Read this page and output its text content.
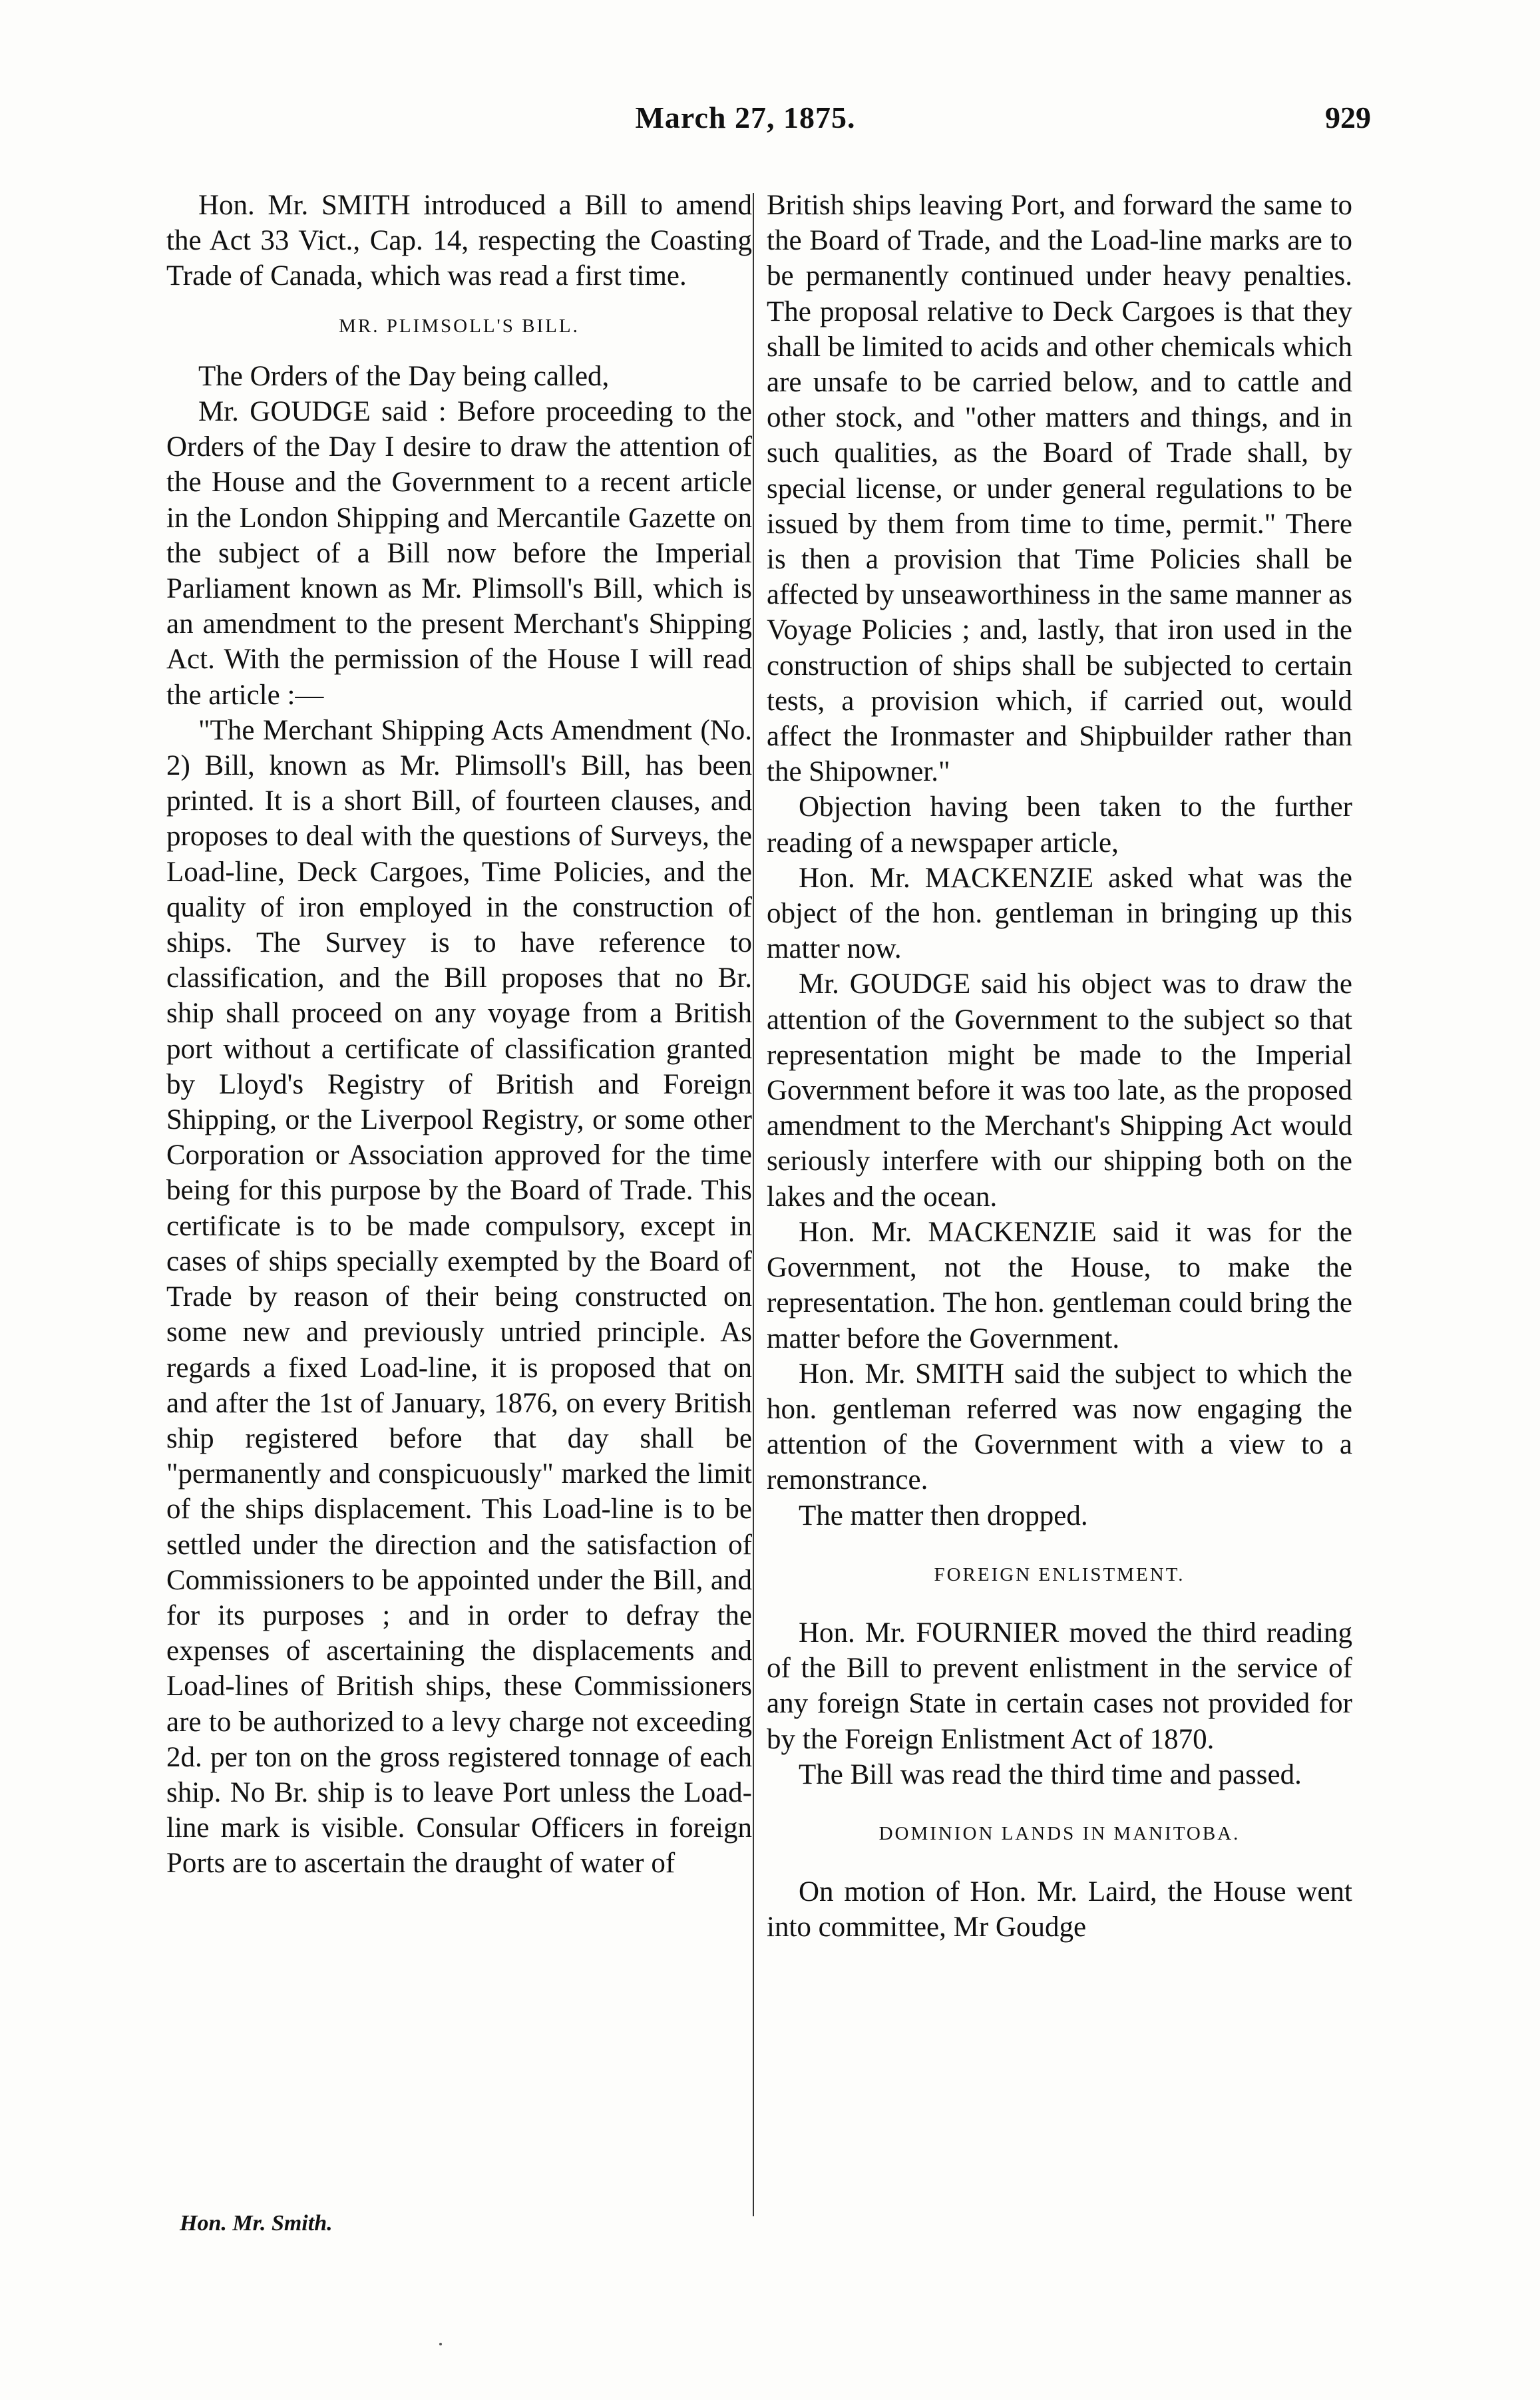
March 27, 1875.	929

Hon. Mr. SMITH introduced a Bill to amend the Act 33 Vict., Cap. 14, respecting the Coasting Trade of Canada, which was read a first time.

MR. PLIMSOLL'S BILL.

The Orders of the Day being called,

Mr. GOUDGE said : Before proceeding to the Orders of the Day I desire to draw the attention of the House and the Government to a recent article in the London Shipping and Mercantile Gazette on the subject of a Bill now before the Imperial Parliament known as Mr. Plimsoll's Bill, which is an amendment to the present Merchant's Shipping Act. With the permission of the House I will read the article :—

"The Merchant Shipping Acts Amendment (No. 2) Bill, known as Mr. Plimsoll's Bill, has been printed. It is a short Bill, of fourteen clauses, and proposes to deal with the questions of Surveys, the Load-line, Deck Cargoes, Time Policies, and the quality of iron employed in the construction of ships. The Survey is to have reference to classification, and the Bill proposes that no Br. ship shall proceed on any voyage from a British port without a certificate of classification granted by Lloyd's Registry of British and Foreign Shipping, or the Liverpool Registry, or some other Corporation or Association approved for the time being for this purpose by the Board of Trade. This certificate is to be made compulsory, except in cases of ships specially exempted by the Board of Trade by reason of their being constructed on some new and previously untried principle. As regards a fixed Load-line, it is proposed that on and after the 1st of January, 1876, on every British ship registered before that day shall be "permanently and conspicuously" marked the limit of the ships displacement. This Load-line is to be settled under the direction and the satisfaction of Commissioners to be appointed under the Bill, and for its purposes ; and in order to defray the expenses of ascertaining the displacements and Load-lines of British ships, these Commissioners are to be authorized to a levy charge not exceeding 2d. per ton on the gross registered tonnage of each ship. No Br. ship is to leave Port unless the Load-line mark is visible. Consular Officers in foreign Ports are to ascertain the draught of water of

British ships leaving Port, and forward the same to the Board of Trade, and the Load-line marks are to be permanently continued under heavy penalties. The proposal relative to Deck Cargoes is that they shall be limited to acids and other chemicals which are unsafe to be carried below, and to cattle and other stock, and "other matters and things, and in such qualities, as the Board of Trade shall, by special license, or under general regulations to be issued by them from time to time, permit." There is then a provision that Time Policies shall be affected by unseaworthiness in the same manner as Voyage Policies ; and, lastly, that iron used in the construction of ships shall be subjected to certain tests, a provision which, if carried out, would affect the Ironmaster and Shipbuilder rather than the Shipowner."

Objection having been taken to the further reading of a newspaper article,

Hon. Mr. MACKENZIE asked what was the object of the hon. gentleman in bringing up this matter now.

Mr. GOUDGE said his object was to draw the attention of the Government to the subject so that representation might be made to the Imperial Government before it was too late, as the proposed amendment to the Merchant's Shipping Act would seriously interfere with our shipping both on the lakes and the ocean.

Hon. Mr. MACKENZIE said it was for the Government, not the House, to make the representation. The hon. gentleman could bring the matter before the Government.

Hon. Mr. SMITH said the subject to which the hon. gentleman referred was now engaging the attention of the Government with a view to a remonstrance.

The matter then dropped.

FOREIGN ENLISTMENT.

Hon. Mr. FOURNIER moved the third reading of the Bill to prevent enlistment in the service of any foreign State in certain cases not provided for by the Foreign Enlistment Act of 1870.

The Bill was read the third time and passed.

DOMINION LANDS IN MANITOBA.

On motion of Hon. Mr. Laird, the House went into committee, Mr Goudge

Hon. Mr. Smith.
